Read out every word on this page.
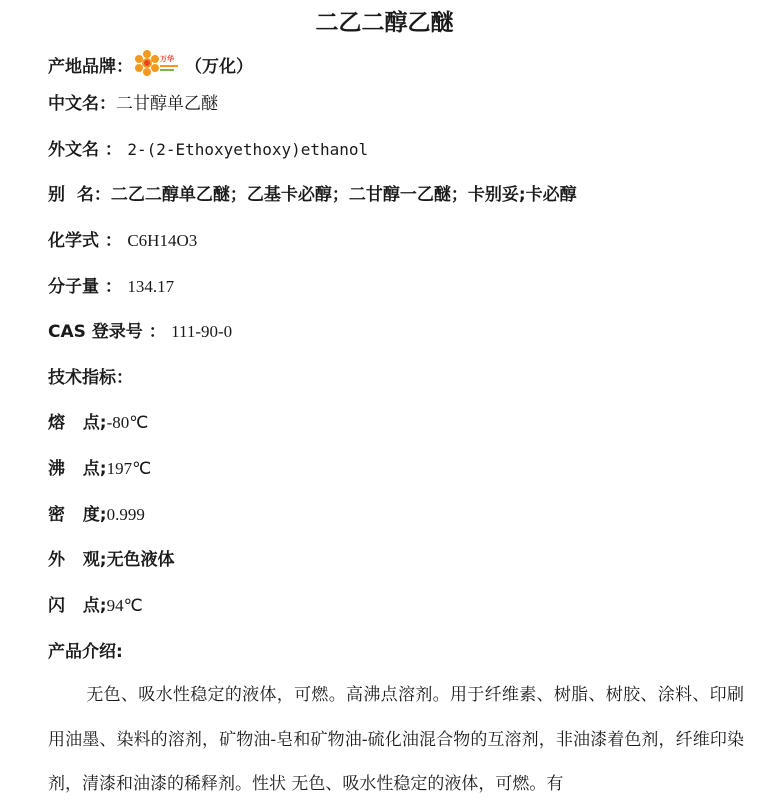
二乙二醇乙醚
产地品牌：	万华 （万化）
中文名：二甘醇单乙醚
外文名 ： 2-(2-Ethoxyethoxy)ethanol
别  名：二乙二醇单乙醚；乙基卡必醇；二甘醇一乙醚；卡别妥;卡必醇
化学式 ： C6H14O3
分子量 ： 134.17
CAS 登录号 ： 111-90-0
技术指标：
熔   点;-80℃
沸   点;197℃
密   度;0.999
外   观;无色液体
闪   点;94℃
产品介绍:
无色、吸水性稳定的液体，可燃。高沸点溶剂。用于纤维素、树脂、树胶、涂料、印刷用油墨、染料的溶剂，矿物油-皂和矿物油-硫化油混合物的互溶剂，非油漆着色剂，纤维印染剂，清漆和油漆的稀释剂。性状 无色、吸水性稳定的液体，可燃。有
